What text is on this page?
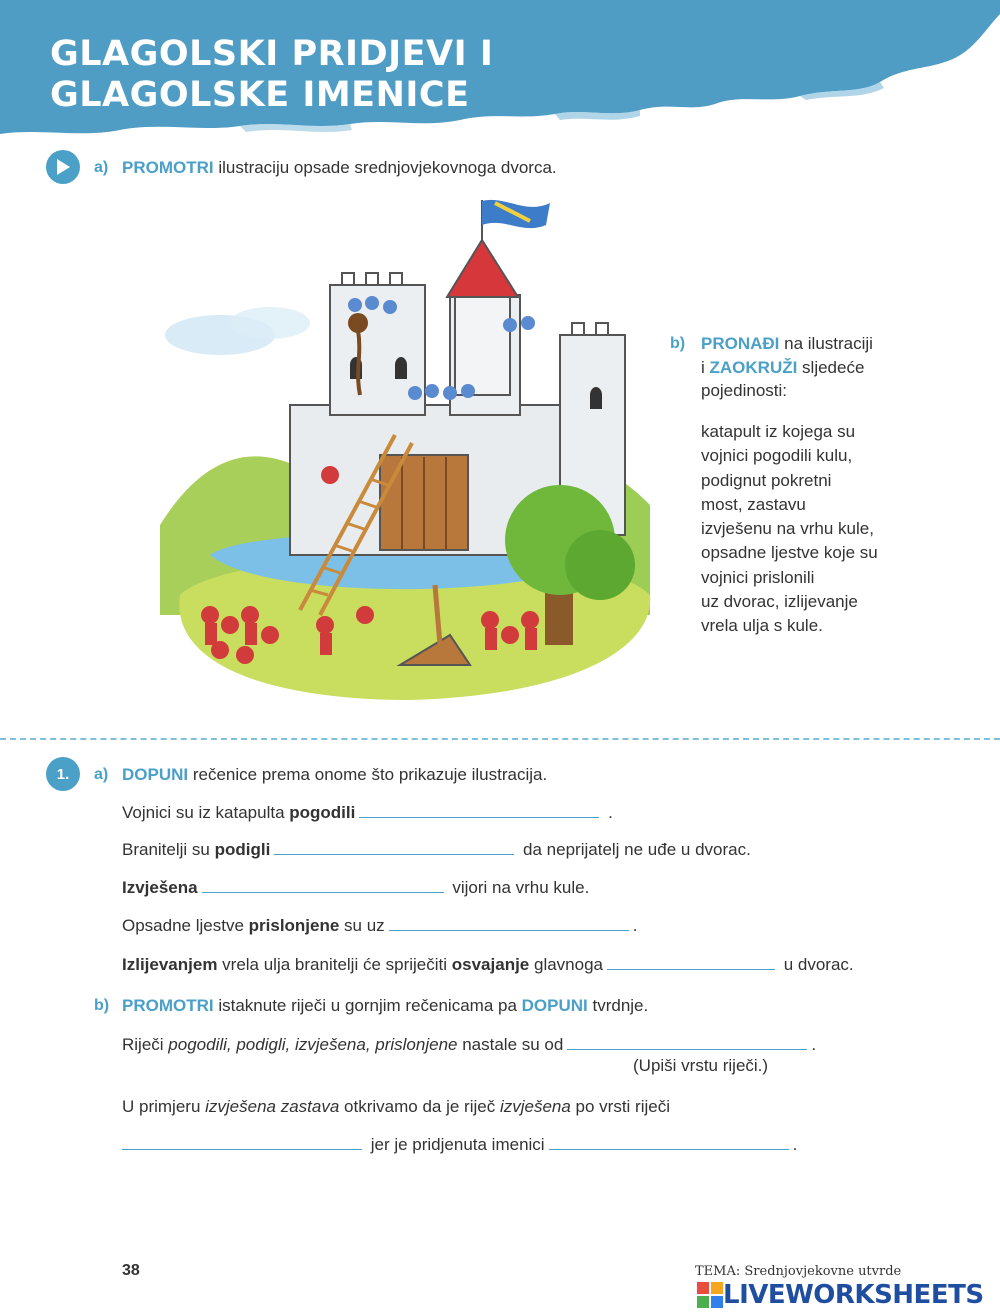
GLAGOLSKI PRIDJEVI I
GLAGOLSKE IMENICE
a) PROMOTRI ilustraciju opsade srednjovjekovnoga dvorca.
b) PRONAĐI na ilustraciji
i ZAOKRUŽI sljedeće
pojedinosti:
katapult iz kojega su
vojnici pogodili kulu,
podignut pokretni
most, zastavu
izvješenu na vrhu kule,
opsadne ljestve koje su
vojnici prislonili
uz dvorac, izlijevanje
vrela ulja s kule.
1.	a) DOPUNI rečenice prema onome što prikazuje ilustracija.
Vojnici su iz katapulta pogodili	.
Branitelji su podigli	da neprijatelj ne uđe u dvorac.
Izvješena	vijori na vrhu kule.
Opsadne ljestve prislonjene su uz	.
Izlijevanjem vrela ulja branitelji će spriječiti osvajanje glavnoga	u dvorac.
b) PROMOTRI istaknute riječi u gornjim rečenicama pa DOPUNI tvrdnje.
Riječi pogodili, podigli, izvješena, prislonjene nastale su od	.
(Upiši vrstu riječi.)
U primjeru izvješena zastava otkrivamo da je riječ izvješena po vrsti riječi
jer je pridjenuta imenici	.
38	TEMA: Srednjovjekovne utvrde
LIVEWORKSHEETS
